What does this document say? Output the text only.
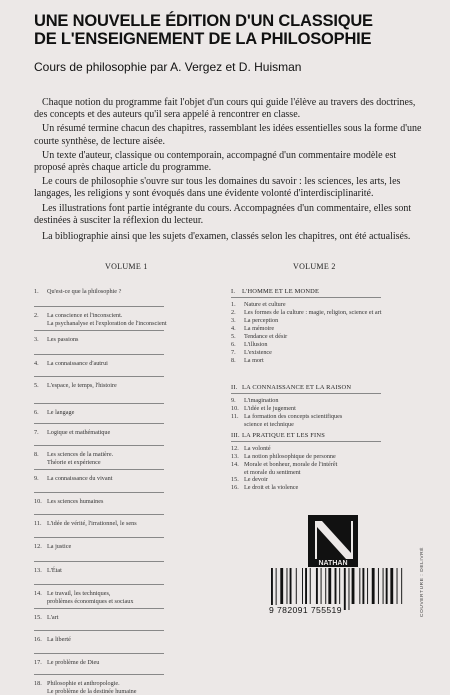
UNE NOUVELLE ÉDITION D'UN CLASSIQUE
DE L'ENSEIGNEMENT DE LA PHILOSOPHIE
Cours de philosophie par A. Vergez et D. Huisman

Chaque notion du programme fait l'objet d'un cours qui guide l'élève au travers des doctrines, des concepts et des auteurs qu'il sera appelé à rencontrer en classe.

Un résumé termine chacun des chapitres, rassemblant les idées essentielles sous la forme d'une courte synthèse, de lecture aisée.

Un texte d'auteur, classique ou contemporain, accompagné d'un commentaire modèle est proposé après chaque article du programme.

Le cours de philosophie s'ouvre sur tous les domaines du savoir : les sciences, les arts, les langages, les religions y sont évoqués dans une évidente volonté d'interdisciplinarité.

Les illustrations font partie intégrante du cours. Accompagnées d'un commentaire, elles sont destinées à susciter la réflexion du lecteur.

La bibliographie ainsi que les sujets d'examen, classés selon les chapitres, ont été actualisés.

VOLUME 1	VOLUME 2
1.	Qu'est-ce que la philosophie ?
2.	La conscience et l'inconscient.
La psychanalyse et l'exploration de l'inconscient
3.	Les passions
4.	La connaissance d'autrui
5.	L'espace, le temps, l'histoire
6.	Le langage
7.	Logique et mathématique
8.	Les sciences de la matière.
Théorie et expérience
9.	La connaissance du vivant
10. Les sciences humaines
11. L'idée de vérité, l'irrationnel, le sens
12. La justice
13. L'État
14. Le travail, les techniques,
problèmes économiques et sociaux
15. L'art
16. La liberté
17. Le problème de Dieu
18. Philosophie et anthropologie.
Le problème de la destinée humaine
I.	L'HOMME ET LE MONDE
1.	Nature et culture
2.	Les formes de la culture : magie, religion, science et art
3.	La perception
4.	La mémoire
5.	Tendance et désir
6.	L'illusion
7.	L'existence
8.	La mort
II. LA CONNAISSANCE ET LA RAISON
9.	L'imagination
10. L'idée et le jugement
11. La formation des concepts scientifiques
science et technique
III. LA PRATIQUE ET LES FINS
12. La volonté
13. La notion philosophique de personne
14. Morale et bonheur, morale de l'intérêt
et morale du sentiment
15. Le devoir
16. Le droit et la violence
NATHAN
9 782091 755519	COUVERTURE : DELIVRÉ
